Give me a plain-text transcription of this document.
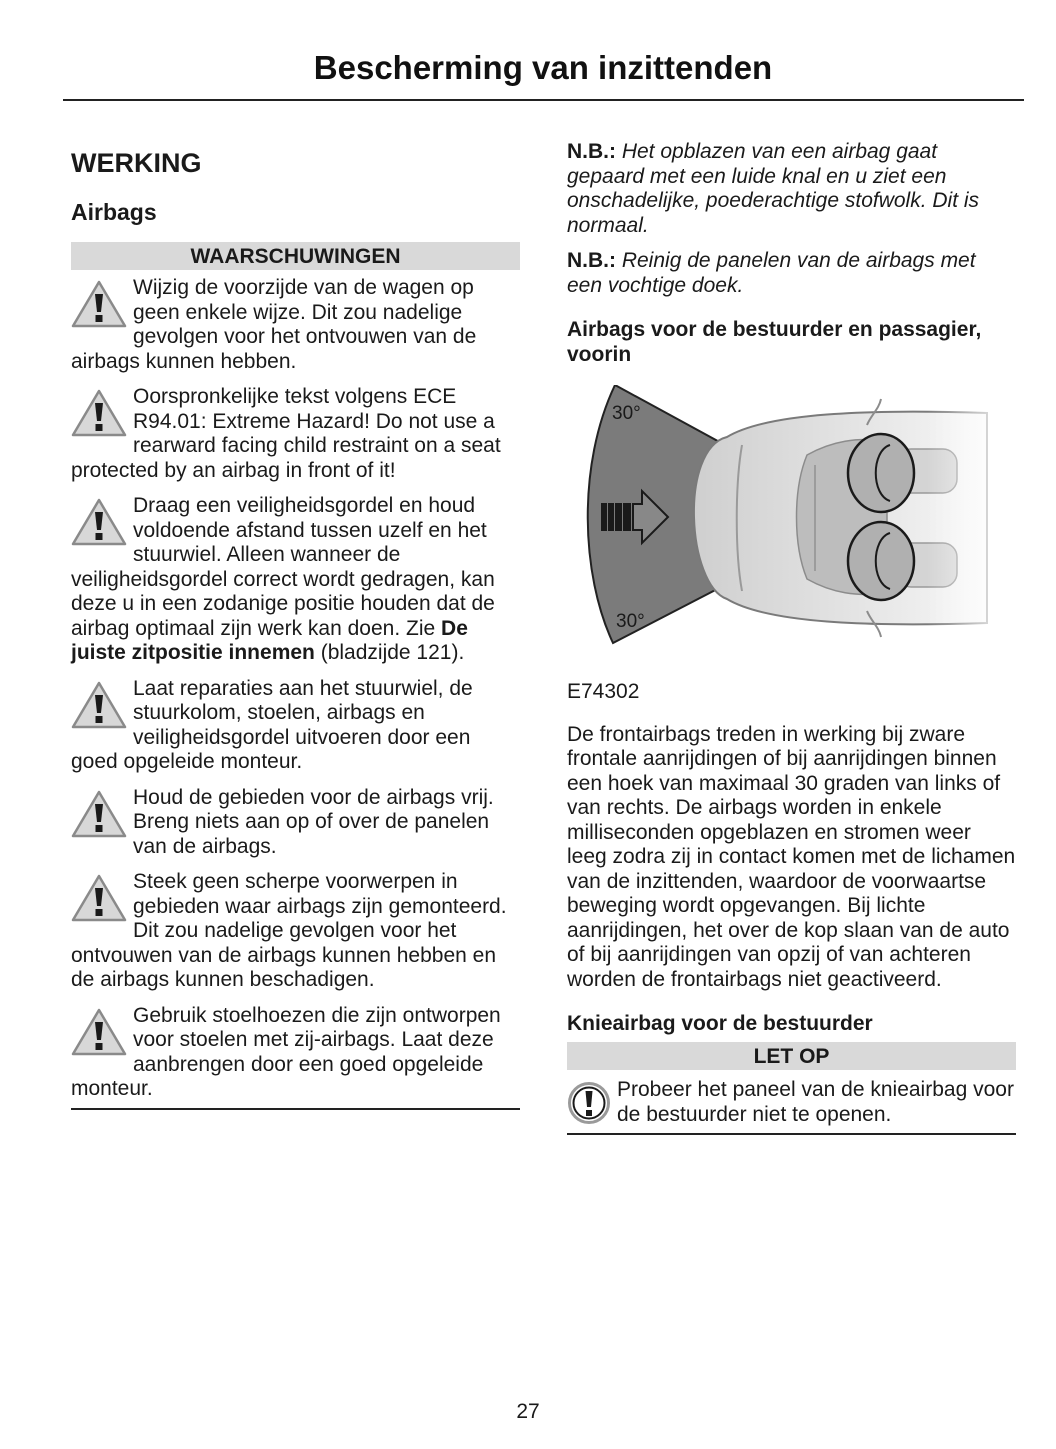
Bescherming van inzittenden
WERKING
Airbags
WAARSCHUWINGEN

Wijzig de voorzijde van de wagen op geen enkele wijze. Dit zou nadelige gevolgen voor het ontvouwen van de airbags kunnen hebben.

Oorspronkelijke tekst volgens ECE R94.01: Extreme Hazard! Do not use a rearward facing child restraint on a seat protected by an airbag in front of it!

Draag een veiligheidsgordel en houd voldoende afstand tussen uzelf en het stuurwiel. Alleen wanneer de veiligheidsgordel correct wordt gedragen, kan deze u in een zodanige positie houden dat de airbag optimaal zijn werk kan doen. Zie De juiste zitpositie innemen (bladzijde 121).

Laat reparaties aan het stuurwiel, de stuurkolom, stoelen, airbags en veiligheidsgordel uitvoeren door een goed opgeleide monteur.

Houd de gebieden voor de airbags vrij. Breng niets aan op of over de panelen van de airbags.

Steek geen scherpe voorwerpen in gebieden waar airbags zijn gemonteerd. Dit zou nadelige gevolgen voor het ontvouwen van de airbags kunnen hebben en de airbags kunnen beschadigen.

Gebruik stoelhoezen die zijn ontworpen voor stoelen met zij-airbags. Laat deze aanbrengen door een goed opgeleide monteur.

N.B.: Het opblazen van een airbag gaat gepaard met een luide knal en u ziet een onschadelijke, poederachtige stofwolk. Dit is normaal.

N.B.: Reinig de panelen van de airbags met een vochtige doek.

Airbags voor de bestuurder en passagier, voorin
30°
30°

E74302

De frontairbags treden in werking bij zware frontale aanrijdingen of bij aanrijdingen binnen een hoek van maximaal 30 graden van links of van rechts. De airbags worden in enkele milliseconden opgeblazen en stromen weer leeg zodra zij in contact komen met de lichamen van de inzittenden, waardoor de voorwaartse beweging wordt opgevangen. Bij lichte aanrijdingen, het over de kop slaan van de auto of bij aanrijdingen van opzij of van achteren worden de frontairbags niet geactiveerd.

Knieairbag voor de bestuurder
LET OP

Probeer het paneel van de knieairbag voor de bestuurder niet te openen.

27
